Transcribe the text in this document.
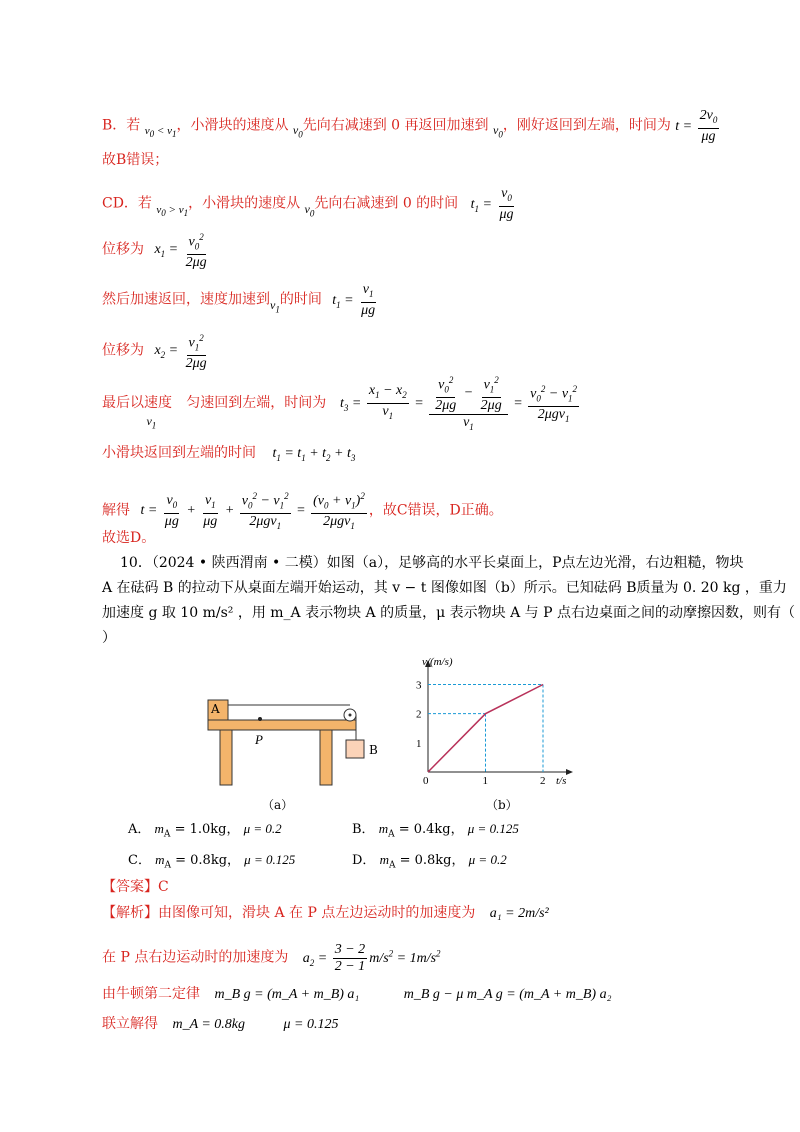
B．若 $_{v_0 < v_1}$，小滑块的速度从 $v_0$先向右减速到 0 再返回加速到 $v_0$，刚好返回到左端，时间为 $t = \frac{2v_0}{\mu g}$
故B错误；
CD．若 $_{v_0 > v_1}$，小滑块的速度从 $v_0$先向右减速到 0 的时间 $t_1 = \frac{v_0}{\mu g}$
位移为 $x_1 = \frac{v_0^2}{2\mu g}$
然后加速返回，速度加速到$v_1$的时间 $t_1 = \frac{v_1}{\mu g}$
位移为 $x_2 = \frac{v_1^2}{2\mu g}$
最后以速度 $v_1$匀速回到左端，时间为 $t_3 = \frac{x_1 - x_2}{v_1} = \frac{\frac{v_0^2}{2\mu g} - \frac{v_1^2}{2\mu g}}{v_1} = \frac{v_0^2 - v_1^2}{2\mu gv_1}$
小滑块返回到左端的时间 $t_1 = t_1 + t_2 + t_3$
解得 $t = \frac{v_0}{\mu g} + \frac{v_1}{\mu g} + \frac{v_0^2 - v_1^2}{2\mu gv_1} = \frac{(v_0 + v_1)^2}{2\mu gv_1}$ ，故C错误，D正确。
故选D。
10．（2024 • 陕西渭南 • 二模）如图（a），足够高的水平长桌面上，P点左边光滑，右边粗糙，物块
A 在砝码 B 的拉动下从桌面左端开始运动，其 v − t 图像如图（b）所示。已知砝码 B质量为 0. 20 kg ，重力
加速度 g 取 10 m/s² ，用 m_A 表示物块 A 的质量，μ 表示物块 A 与 P 点右边桌面之间的动摩擦因数，则有（
）
A
P
B
（a）
v/(m/s)
t/s
0
1
2
3
1	2
（b）
A． $m_A = 1.0kg$， μ = 0.2	B． $m_A = 0.4kg$， μ = 0.125
C． $m_A = 0.8kg$， μ = 0.125	D． $m_A = 0.8kg$， μ = 0.2
【答案】C
【解析】由图像可知，滑块 A 在 P 点左边运动时的加速度为 a₁ = 2m/s²
在 P 点右边运动时的加速度为 $a_2 = \frac{3 - 2}{2 - 1} m/s^2 = 1m/s^2$
由牛顿第二定律 m_B g = (m_A + m_B) a₁	m_B g − μ m_A g = (m_A + m_B) a₂
联立解得 m_A = 0.8kg	μ = 0.125
